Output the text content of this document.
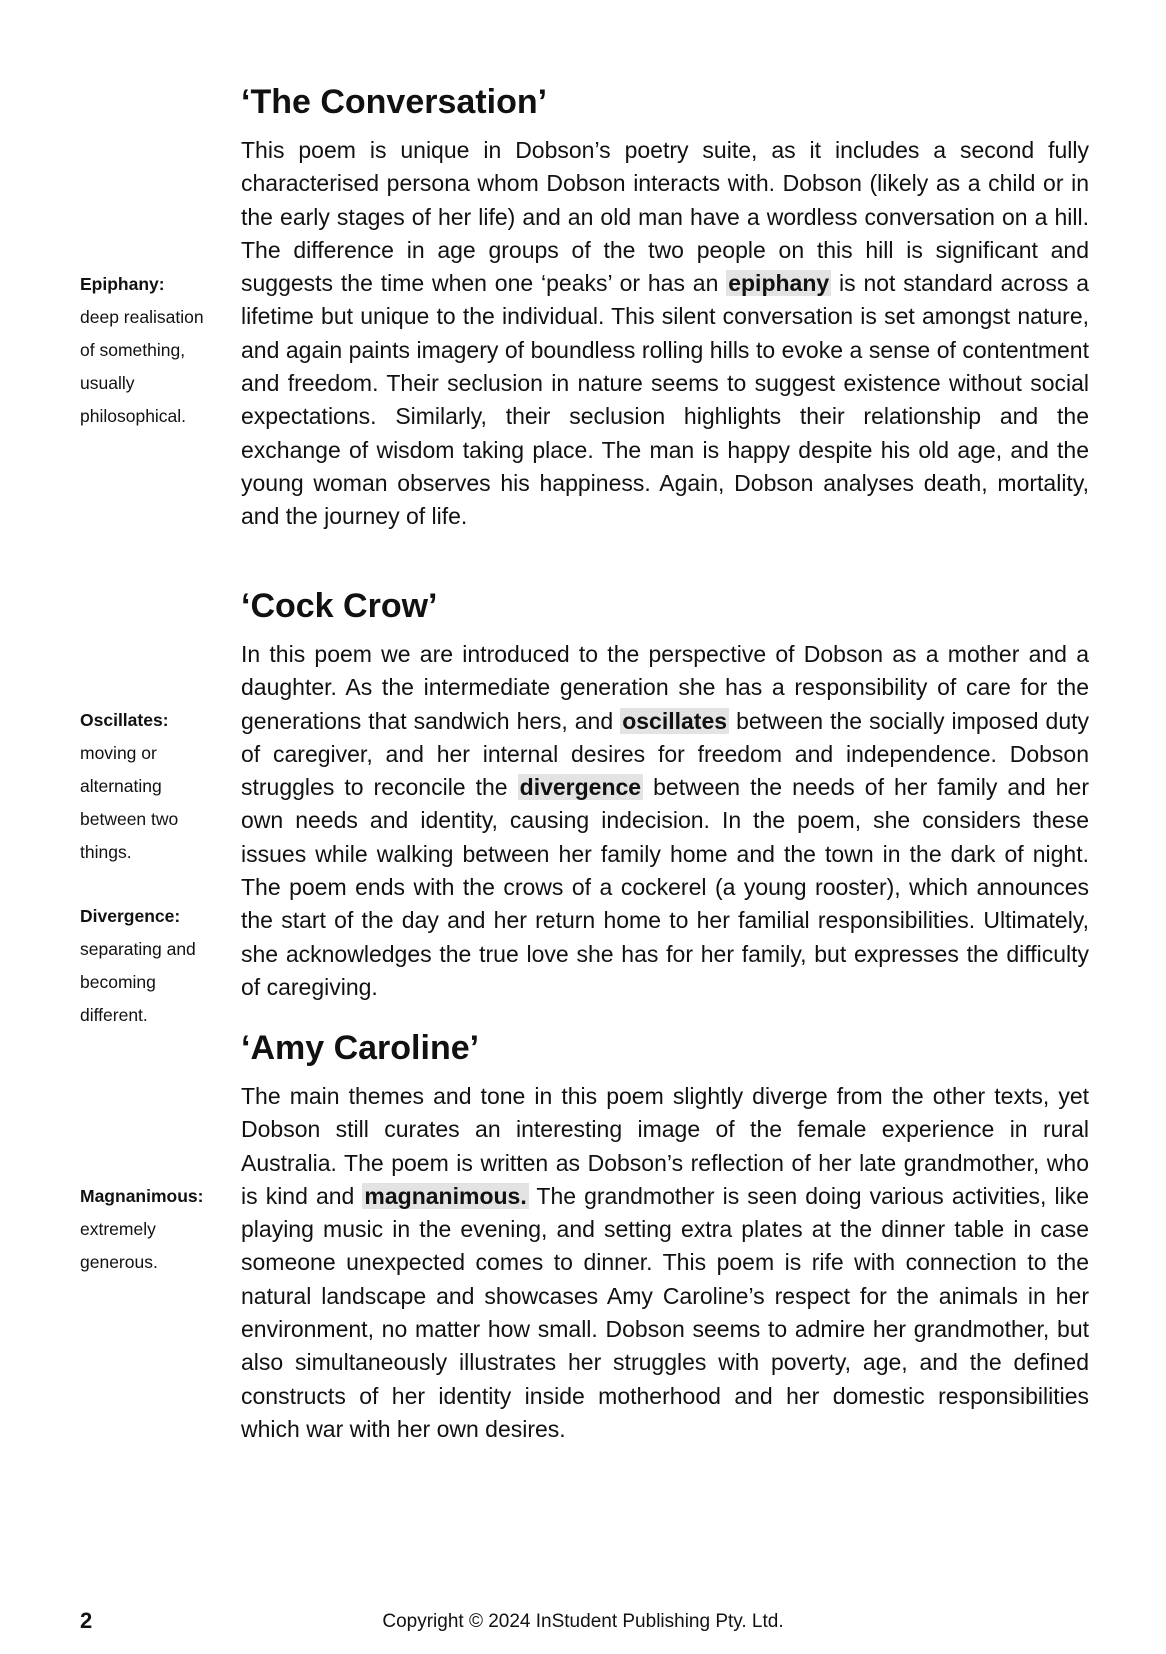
Epiphany:
deep realisation
of something,
usually
philosophical.
Oscillates:
moving or
alternating
between two
things.
Divergence:
separating and
becoming
different.
Magnanimous:
extremely
generous.
‘The Conversation’

This poem is unique in Dobson’s poetry suite, as it includes a second fully characterised persona whom Dobson interacts with. Dobson (likely as a child or in the early stages of her life) and an old man have a wordless conversation on a hill. The difference in age groups of the two people on this hill is significant and suggests the time when one ‘peaks’ or has an epiphany is not standard across a lifetime but unique to the individual. This silent conversation is set amongst nature, and again paints imagery of boundless rolling hills to evoke a sense of contentment and freedom. Their seclusion in nature seems to suggest existence without social expectations. Similarly, their seclusion highlights their relationship and the exchange of wisdom taking place. The man is happy despite his old age, and the young woman observes his happiness. Again, Dobson analyses death, mortality, and the journey of life.

‘Cock Crow’

In this poem we are introduced to the perspective of Dobson as a mother and a daughter. As the intermediate generation she has a responsibility of care for the generations that sandwich hers, and oscillates between the socially imposed duty of caregiver, and her internal desires for freedom and independence. Dobson struggles to reconcile the divergence between the needs of her family and her own needs and identity, causing indecision. In the poem, she considers these issues while walking between her family home and the town in the dark of night. The poem ends with the crows of a cockerel (a young rooster), which announces the start of the day and her return home to her familial responsibilities. Ultimately, she acknowledges the true love she has for her family, but expresses the difficulty of caregiving.

‘Amy Caroline’

The main themes and tone in this poem slightly diverge from the other texts, yet Dobson still curates an interesting image of the female experience in rural Australia. The poem is written as Dobson’s reflection of her late grandmother, who is kind and magnanimous. The grandmother is seen doing various activities, like playing music in the evening, and setting extra plates at the dinner table in case someone unexpected comes to dinner. This poem is rife with connection to the natural landscape and showcases Amy Caroline’s respect for the animals in her environment, no matter how small. Dobson seems to admire her grandmother, but also simultaneously illustrates her struggles with poverty, age, and the defined constructs of her identity inside motherhood and her domestic responsibilities which war with her own desires.

2	Copyright © 2024 InStudent Publishing Pty. Ltd.
